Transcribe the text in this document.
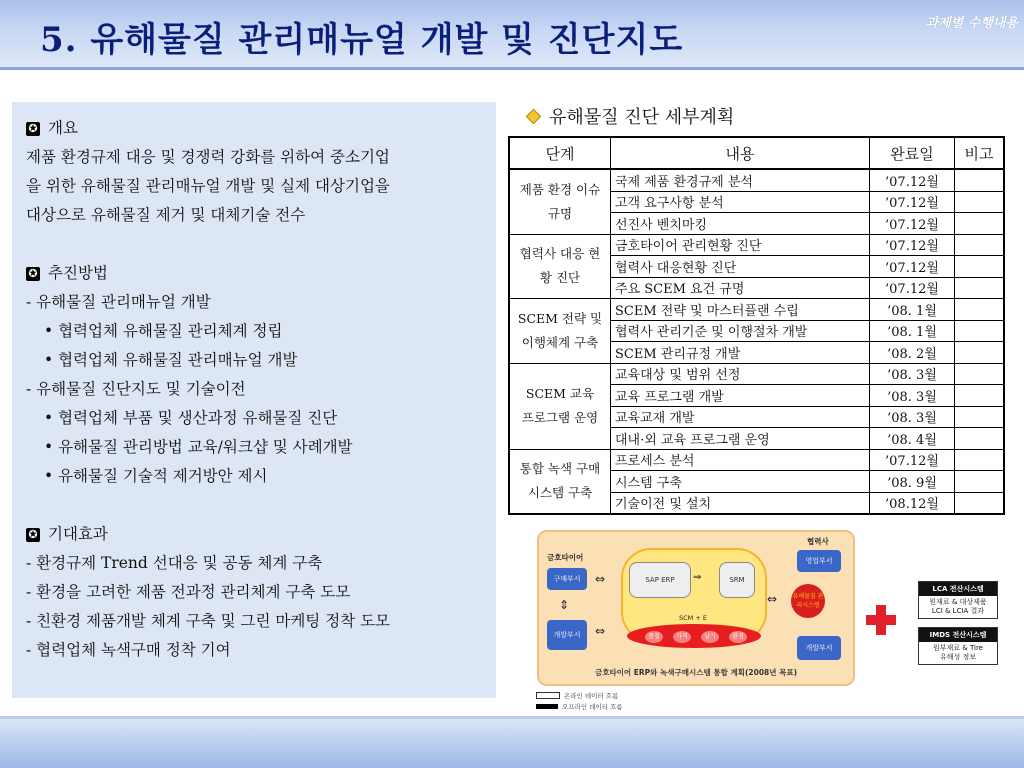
5. 유해물질 관리매뉴얼 개발 및 진단지도	과제별 수행내용
✪ 개요
제품 환경규제 대응 및 경쟁력 강화를 위하여 중소기업
을 위한 유해물질 관리매뉴얼 개발 및 실제 대상기업을
대상으로 유해물질 제거 및 대체기술 전수
✪ 추진방법
- 유해물질 관리매뉴얼 개발
• 협력업체 유해물질 관리체계 정립
• 협력업체 유해물질 관리매뉴얼 개발
- 유해물질 진단지도 및 기술이전
• 협력업체 부품 및 생산과정 유해물질 진단
• 유해물질 관리방법 교육/워크샵 및 사례개발
• 유해물질 기술적 제거방안 제시
✪ 기대효과
- 환경규제 Trend 선대응 및 공동 체계 구축
- 환경을 고려한 제품 전과정 관리체계 구축 도모
- 친환경 제품개발 체계 구축 및 그린 마케팅 정착 도모
- 협력업체 녹색구매 정착 기여
유해물질 진단 세부계획
단계	내용	완료일	비고

제품 환경 이슈 규명	국제 제품 환경규제 분석	’07.12월	
	고객 요구사항 분석	’07.12월	
	선진사 벤치마킹	’07.12월	

협력사 대응 현황 진단	금호타이어 관리현황 진단	’07.12월	
	협력사 대응현황 진단	’07.12월	
	주요 SCEM 요건 규명	’07.12월	

SCEM 전략 및 이행체계 구축	SCEM 전략 및 마스터플랜 수립	’08. 1월	
	협력사 관리기준 및 이행절차 개발	’08. 1월	
	SCEM 관리규정 개발	’08. 2월	

SCEM 교육 프로그램 운영	교육대상 및 범위 선정	’08. 3월	
	교육 프로그램 개발	’08. 3월	
	교육교재 개발	’08. 3월	
	대내·외 교육 프로그램 운영	’08. 4월	

통합 녹색 구매 시스템 구축	프로세스 분석	’07.12월	
	시스템 구축	’08. 9월	
	기술이전 및 설치	’08.12월	
금호타이어
구매부서
⇕
개발부서
⇔
⇔
SAP ERP	SRM
⇒
SCM + E
품질	가격	납기	환경
유해물질 관리시스템
협력사
영업부서
개발부서
⇔
금호타이어 ERP와 녹색구매시스템 통합 계획(2008년 목표)
온라인 데이터 흐름
오프라인 데이터 흐름
LCA 전산시스템
원재료 & 대상제품
LCI & LCIA 결과
IMDS 전산시스템
원부재료 & Tire
유해성 정보
